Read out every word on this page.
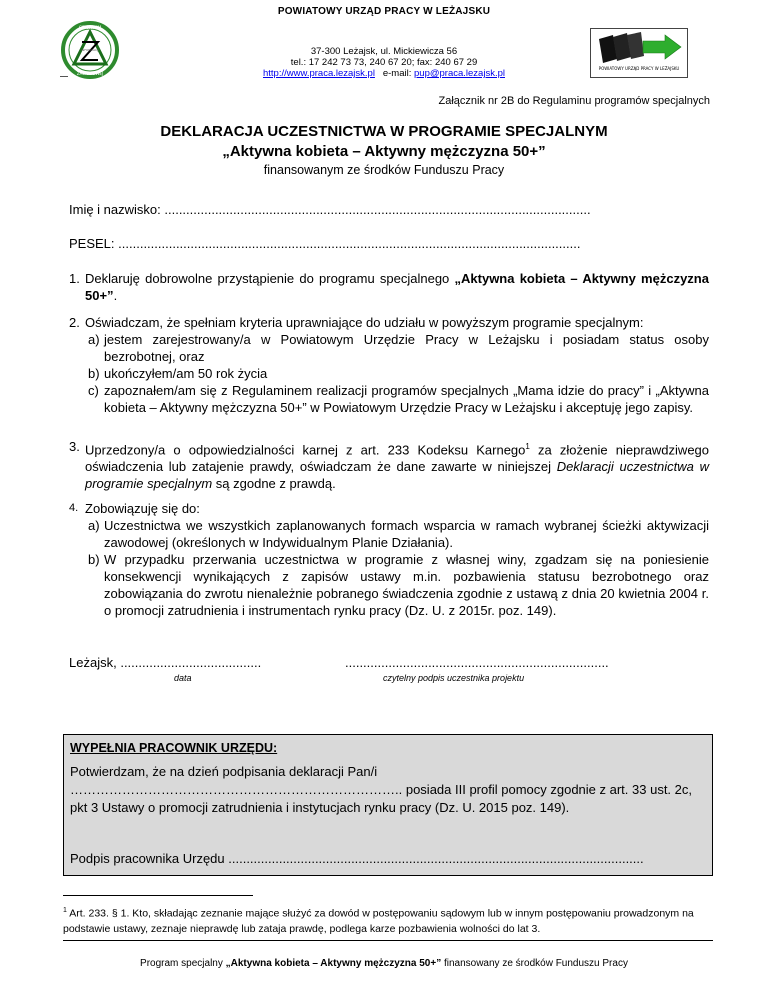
POWIATOWY URZĄD PRACY W LEŻAJSKU
37-300 Leżajsk, ul. Mickiewicza 56
tel.: 17 242 73 73, 240 67 20; fax: 240 67 29
http://www.praca.lezajsk.pl e-mail: pup@praca.lezajsk.pl
CENTRUM
ZAWODOWEJ
INFORMACJI
POWIATOWY URZĄD PRACY W LEŻAJSKU
Załącznik nr 2B do Regulaminu programów specjalnych
DEKLARACJA UCZESTNICTWA W PROGRAMIE SPECJALNYM
„Aktywna kobieta – Aktywny mężczyzna 50+”
finansowanym ze środków Funduszu Pracy
Imię i nazwisko: ......................................................................................................................
PESEL: ................................................................................................................................
1. Deklaruję dobrowolne przystąpienie do programu specjalnego „Aktywna kobieta – Aktywny mężczyzna 50+”.
2. Oświadczam, że spełniam kryteria uprawniające do udziału w powyższym programie specjalnym:
a) jestem zarejestrowany/a w Powiatowym Urzędzie Pracy w Leżajsku i posiadam status osoby bezrobotnej, oraz
b) ukończyłem/am 50 rok życia
c) zapoznałem/am się z Regulaminem realizacji programów specjalnych „Mama idzie do pracy” i „Aktywna kobieta – Aktywny mężczyzna 50+” w Powiatowym Urzędzie Pracy w Leżajsku i akceptuję jego zapisy.
3. Uprzedzony/a o odpowiedzialności karnej z art. 233 Kodeksu Karnego$^1$ za złożenie nieprawdziwego oświadczenia lub zatajenie prawdy, oświadczam że dane zawarte w niniejszej Deklaracji uczestnictwa w programie specjalnym są zgodne z prawdą.
4. Zobowiązuję się do:
a) Uczestnictwa we wszystkich zaplanowanych formach wsparcia w ramach wybranej ścieżki aktywizacji zawodowej (określonych w Indywidualnym Planie Działania).
b) W przypadku przerwania uczestnictwa w programie z własnej winy, zgadzam się na poniesienie konsekwencji wynikających z zapisów ustawy m.in. pozbawienia statusu bezrobotnego oraz zobowiązania do zwrotu nienależnie pobranego świadczenia zgodnie z ustawą z dnia 20 kwietnia 2004 r. o promocji zatrudnienia i instrumentach rynku pracy (Dz. U. z 2015r. poz. 149).
Leżajsk, .......................................
data
.........................................................................
czytelny podpis uczestnika projektu
WYPEŁNIA PRACOWNIK URZĘDU:
Potwierdzam, że na dzień podpisania deklaracji Pan/i ………………………………………………………………….. posiada III profil pomocy zgodnie z art. 33 ust. 2c, pkt 3 Ustawy o promocji zatrudnienia i instytucjach rynku pracy (Dz. U. 2015 poz. 149).
Podpis pracownika Urzędu ...................................................................................................................
$^1$ Art. 233. § 1. Kto, składając zeznanie mające służyć za dowód w postępowaniu sądowym lub w innym postępowaniu prowadzonym na podstawie ustawy, zeznaje nieprawdę lub zataja prawdę, podlega karze pozbawienia wolności do lat 3.
Program specjalny „Aktywna kobieta – Aktywny mężczyzna 50+” finansowany ze środków Funduszu Pracy
